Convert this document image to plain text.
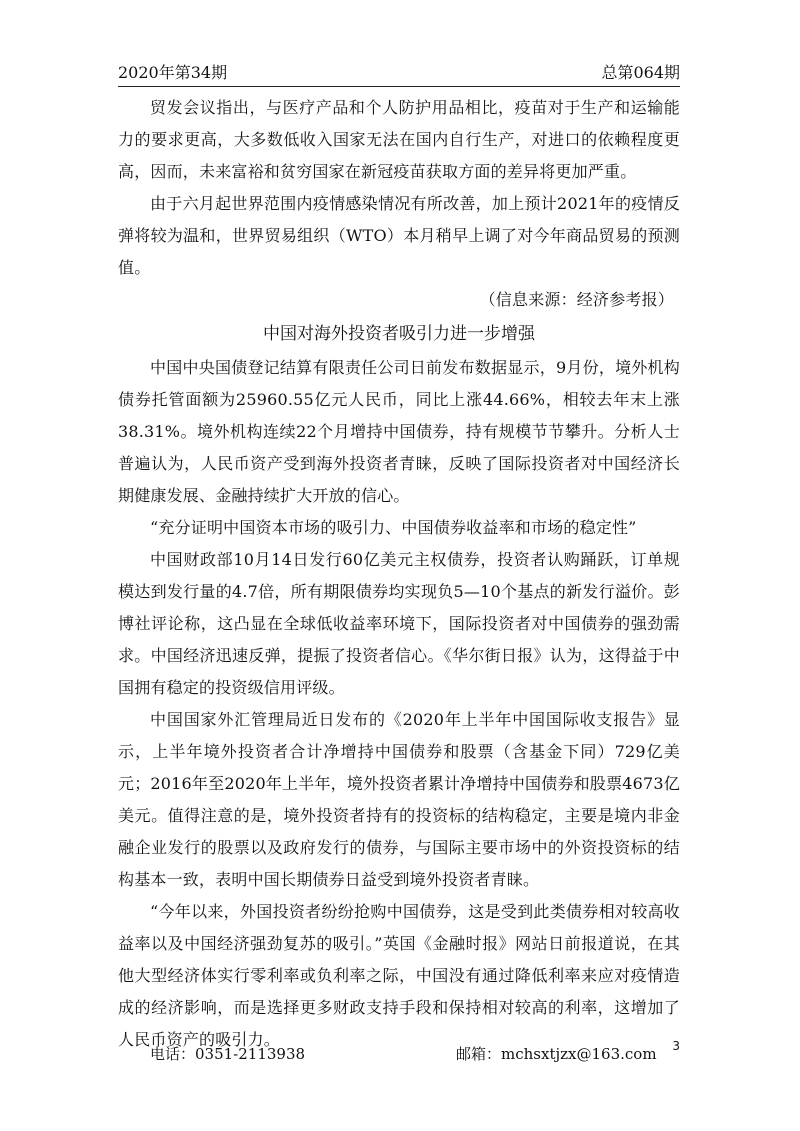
2020年第34期	总第064期

贸发会议指出，与医疗产品和个人防护用品相比，疫苗对于生产和运输能力的要求更高，大多数低收入国家无法在国内自行生产，对进口的依赖程度更高，因而，未来富裕和贫穷国家在新冠疫苗获取方面的差异将更加严重。

由于六月起世界范围内疫情感染情况有所改善，加上预计2021年的疫情反弹将较为温和，世界贸易组织（WTO）本月稍早上调了对今年商品贸易的预测值。

（信息来源：经济参考报）

中国对海外投资者吸引力进一步增强

中国中央国债登记结算有限责任公司日前发布数据显示，9月份，境外机构债券托管面额为25960.55亿元人民币，同比上涨44.66%，相较去年末上涨38.31%。境外机构连续22个月增持中国债券，持有规模节节攀升。分析人士普遍认为，人民币资产受到海外投资者青睐，反映了国际投资者对中国经济长期健康发展、金融持续扩大开放的信心。

“充分证明中国资本市场的吸引力、中国债券收益率和市场的稳定性”

中国财政部10月14日发行60亿美元主权债券，投资者认购踊跃，订单规模达到发行量的4.7倍，所有期限债券均实现负5—10个基点的新发行溢价。彭博社评论称，这凸显在全球低收益率环境下，国际投资者对中国债券的强劲需求。中国经济迅速反弹，提振了投资者信心。《华尔街日报》认为，这得益于中国拥有稳定的投资级信用评级。

中国国家外汇管理局近日发布的《2020年上半年中国国际收支报告》显示，上半年境外投资者合计净增持中国债券和股票（含基金下同）729亿美元；2016年至2020年上半年，境外投资者累计净增持中国债券和股票4673亿美元。值得注意的是，境外投资者持有的投资标的结构稳定，主要是境内非金融企业发行的股票以及政府发行的债券，与国际主要市场中的外资投资标的结构基本一致，表明中国长期债券日益受到境外投资者青睐。

“今年以来，外国投资者纷纷抢购中国债券，这是受到此类债券相对较高收益率以及中国经济强劲复苏的吸引。”英国《金融时报》网站日前报道说，在其他大型经济体实行零利率或负利率之际，中国没有通过降低利率来应对疫情造成的经济影响，而是选择更多财政支持手段和保持相对较高的利率，这增加了人民币资产的吸引力。

电话：0351-2113938	邮箱：mchsxtjzx@163.com 3
